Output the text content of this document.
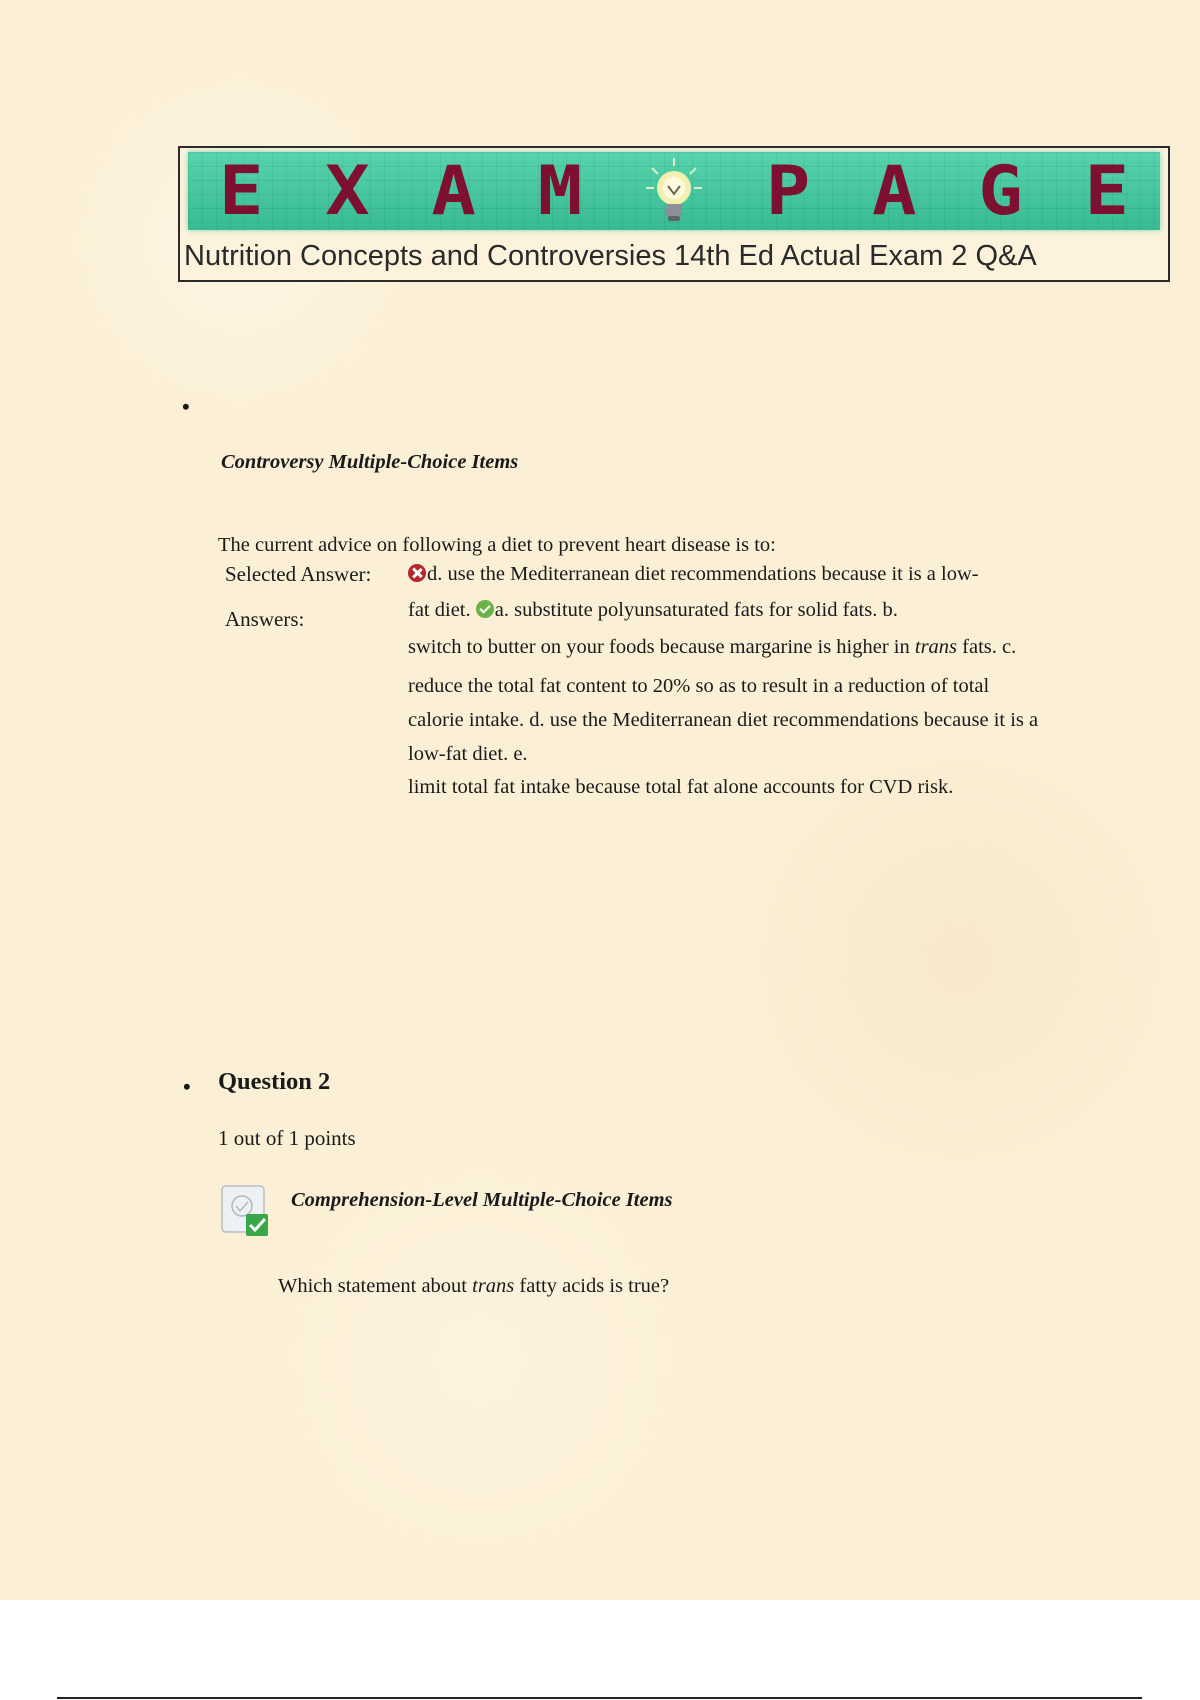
E X A M P A G E
Nutrition Concepts and Controversies 14th Ed Actual Exam 2 Q&A
•
Controversy Multiple-Choice Items
The current advice on following a diet to prevent heart disease is to:
Selected Answer:
Answers:
d. use the Mediterranean diet recommendations because it is a low-
fat diet. a. substitute polyunsaturated fats for solid fats. b.
switch to butter on your foods because margarine is higher in trans fats. c.
reduce the total fat content to 20% so as to result in a reduction of total
calorie intake. d. use the Mediterranean diet recommendations because it is a
low-fat diet. e.
limit total fat intake because total fat alone accounts for CVD risk.
• Question 2
1 out of 1 points
Comprehension-Level Multiple-Choice Items
Which statement about trans fatty acids is true?
